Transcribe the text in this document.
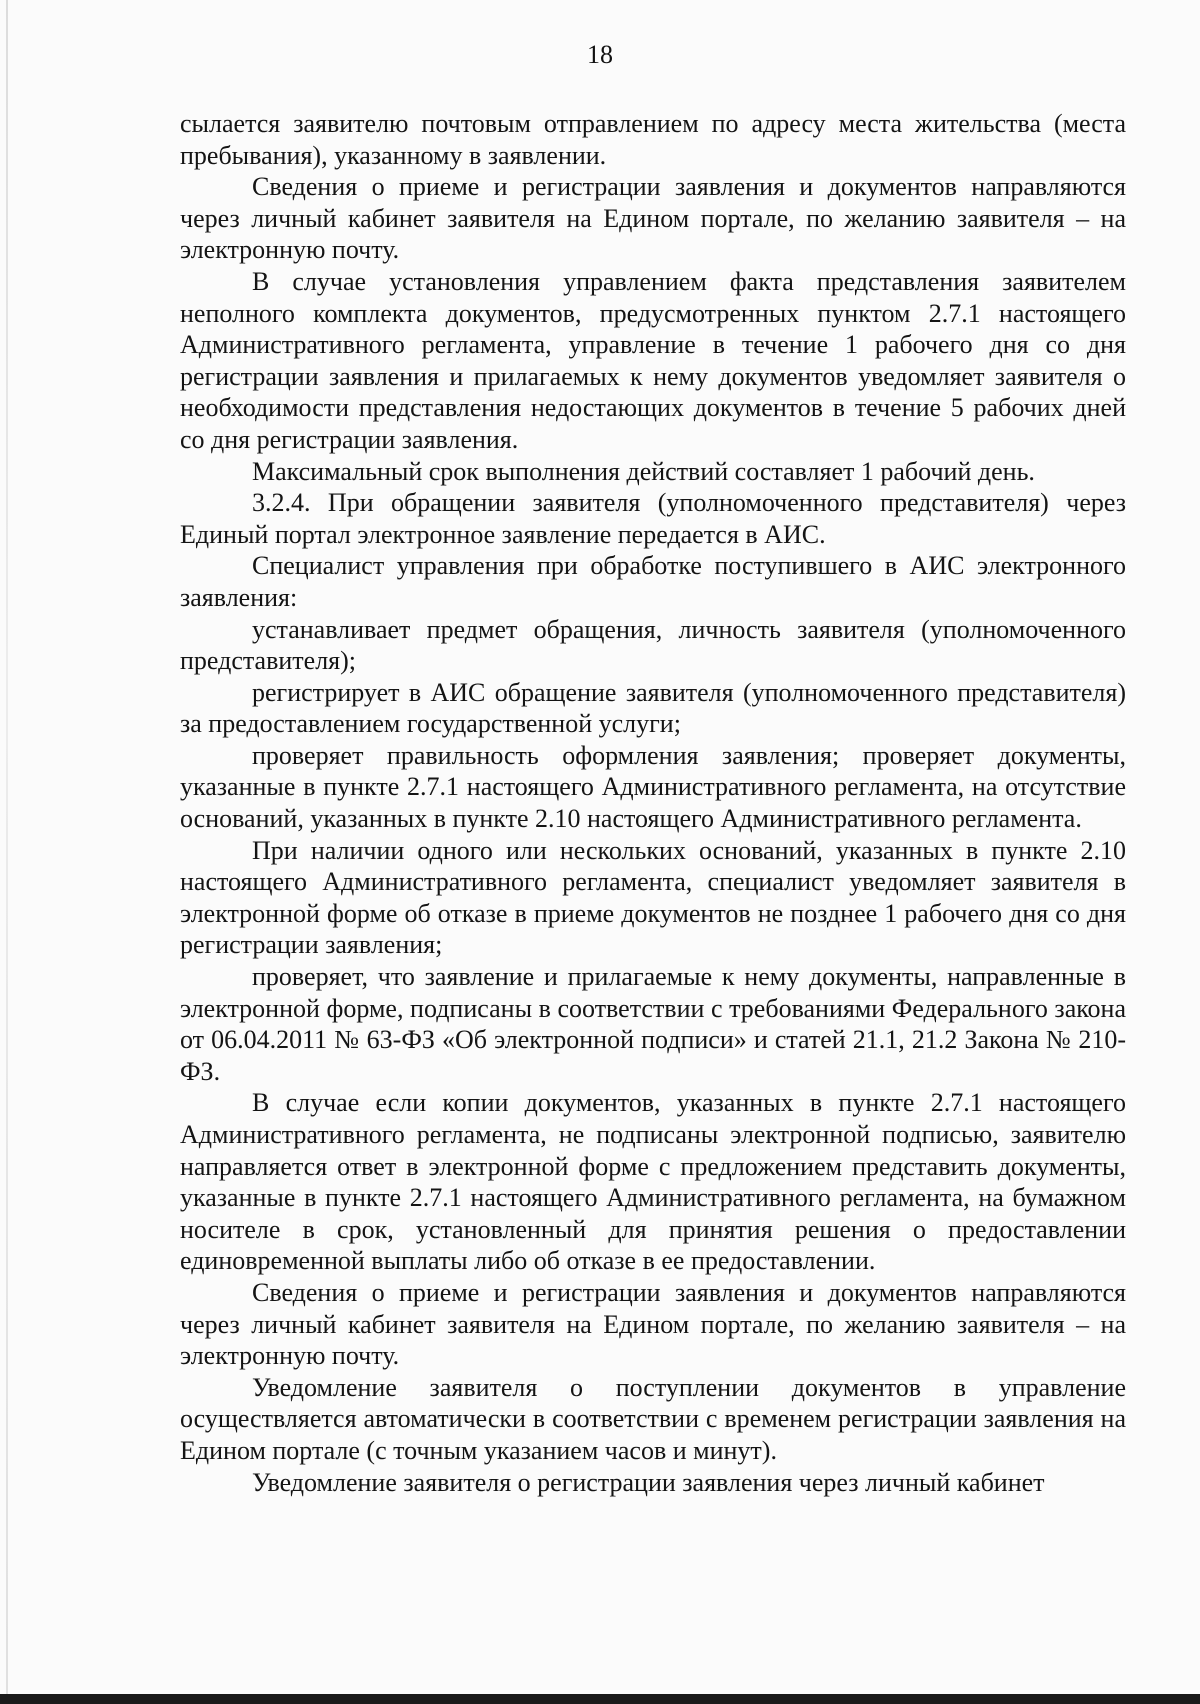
18

сылается заявителю почтовым отправлением по адресу места жительства (места пребывания), указанному в заявлении.

Сведения о приеме и регистрации заявления и документов направляются через личный кабинет заявителя на Едином портале, по желанию заявителя – на электронную почту.

В случае установления управлением факта представления заявителем неполного комплекта документов, предусмотренных пунктом 2.7.1 настоящего Административного регламента, управление в течение 1 рабочего дня со дня регистрации заявления и прилагаемых к нему документов уведомляет заявителя о необходимости представления недостающих документов в течение 5 рабочих дней со дня регистрации заявления.

Максимальный срок выполнения действий составляет 1 рабочий день.

3.2.4. При обращении заявителя (уполномоченного представителя) через Единый портал электронное заявление передается в АИС.

Специалист управления при обработке поступившего в АИС электронного заявления:

устанавливает предмет обращения, личность заявителя (уполномоченного представителя);

регистрирует в АИС обращение заявителя (уполномоченного представителя) за предоставлением государственной услуги;

проверяет правильность оформления заявления; проверяет документы, указанные в пункте 2.7.1 настоящего Административного регламента, на отсутствие оснований, указанных в пункте 2.10 настоящего Административного регламента.

При наличии одного или нескольких оснований, указанных в пункте 2.10 настоящего Административного регламента, специалист уведомляет заявителя в электронной форме об отказе в приеме документов не позднее 1 рабочего дня со дня регистрации заявления;

проверяет, что заявление и прилагаемые к нему документы, направленные в электронной форме, подписаны в соответствии с требованиями Федерального закона от 06.04.2011 № 63-ФЗ «Об электронной подписи» и статей 21.1, 21.2 Закона № 210-ФЗ.

В случае если копии документов, указанных в пункте 2.7.1 настоящего Административного регламента, не подписаны электронной подписью, заявителю направляется ответ в электронной форме с предложением представить документы, указанные в пункте 2.7.1 настоящего Административного регламента, на бумажном носителе в срок, установленный для принятия решения о предоставлении единовременной выплаты либо об отказе в ее предоставлении.

Сведения о приеме и регистрации заявления и документов направляются через личный кабинет заявителя на Едином портале, по желанию заявителя – на электронную почту.

Уведомление заявителя о поступлении документов в управление осуществляется автоматически в соответствии с временем регистрации заявления на Едином портале (с точным указанием часов и минут).

Уведомление заявителя о регистрации заявления через личный кабинет
